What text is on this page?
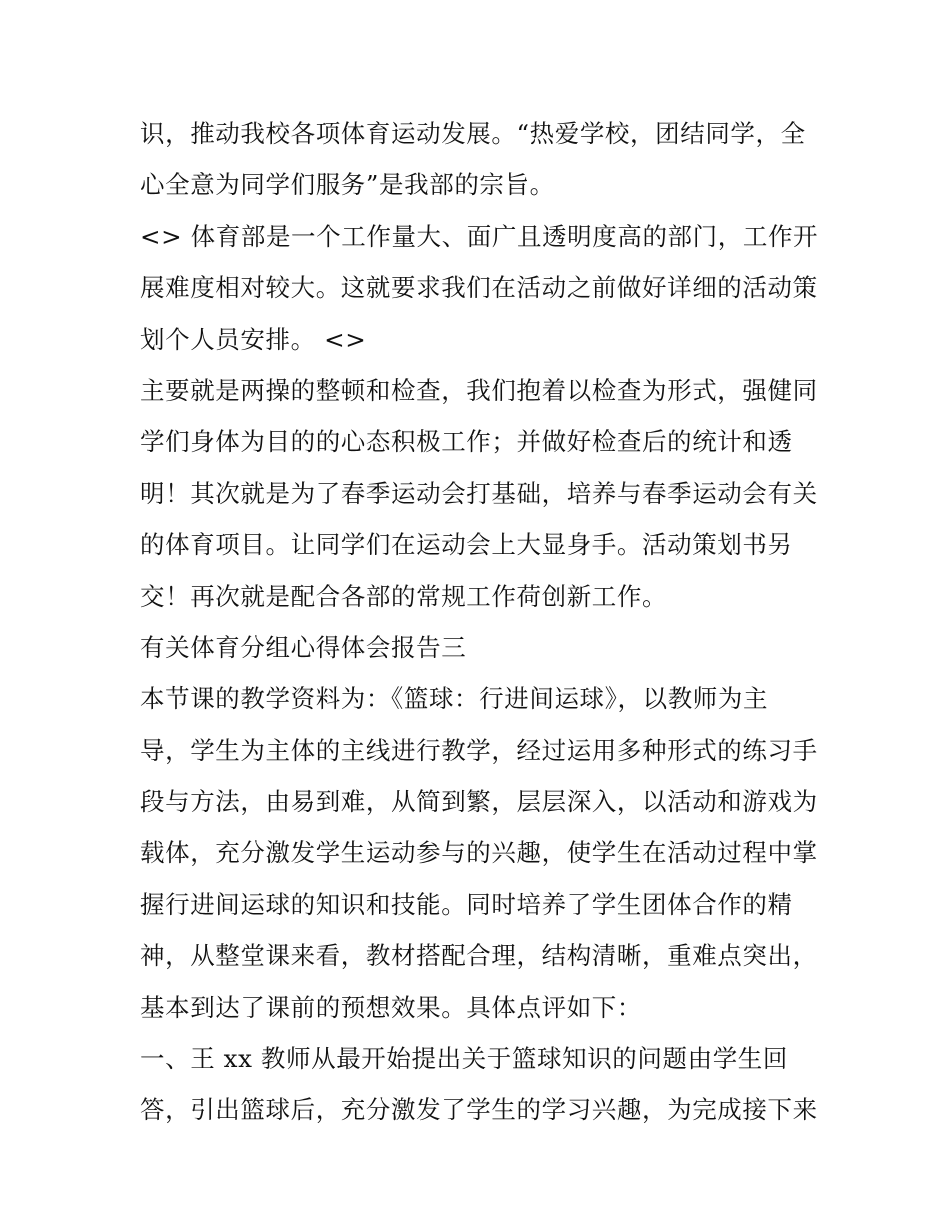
识，推动我校各项体育运动发展。“热爱学校，团结同学，全
心全意为同学们服务”是我部的宗旨。
<> 体育部是一个工作量大、面广且透明度高的部门，工作开
展难度相对较大。这就要求我们在活动之前做好详细的活动策
划个人员安排。 <>
主要就是两操的整顿和检查，我们抱着以检查为形式，强健同
学们身体为目的的心态积极工作；并做好检查后的统计和透
明！其次就是为了春季运动会打基础，培养与春季运动会有关
的体育项目。让同学们在运动会上大显身手。活动策划书另
交！再次就是配合各部的常规工作荷创新工作。
有关体育分组心得体会报告三
本节课的教学资料为：《篮球：行进间运球》，以教师为主
导，学生为主体的主线进行教学，经过运用多种形式的练习手
段与方法，由易到难，从简到繁，层层深入，以活动和游戏为
载体，充分激发学生运动参与的兴趣，使学生在活动过程中掌
握行进间运球的知识和技能。同时培养了学生团体合作的精
神，从整堂课来看，教材搭配合理，结构清晰，重难点突出，
基本到达了课前的预想效果。具体点评如下：
一、王 xx 教师从最开始提出关于篮球知识的问题由学生回
答，引出篮球后，充分激发了学生的学习兴趣，为完成接下来
